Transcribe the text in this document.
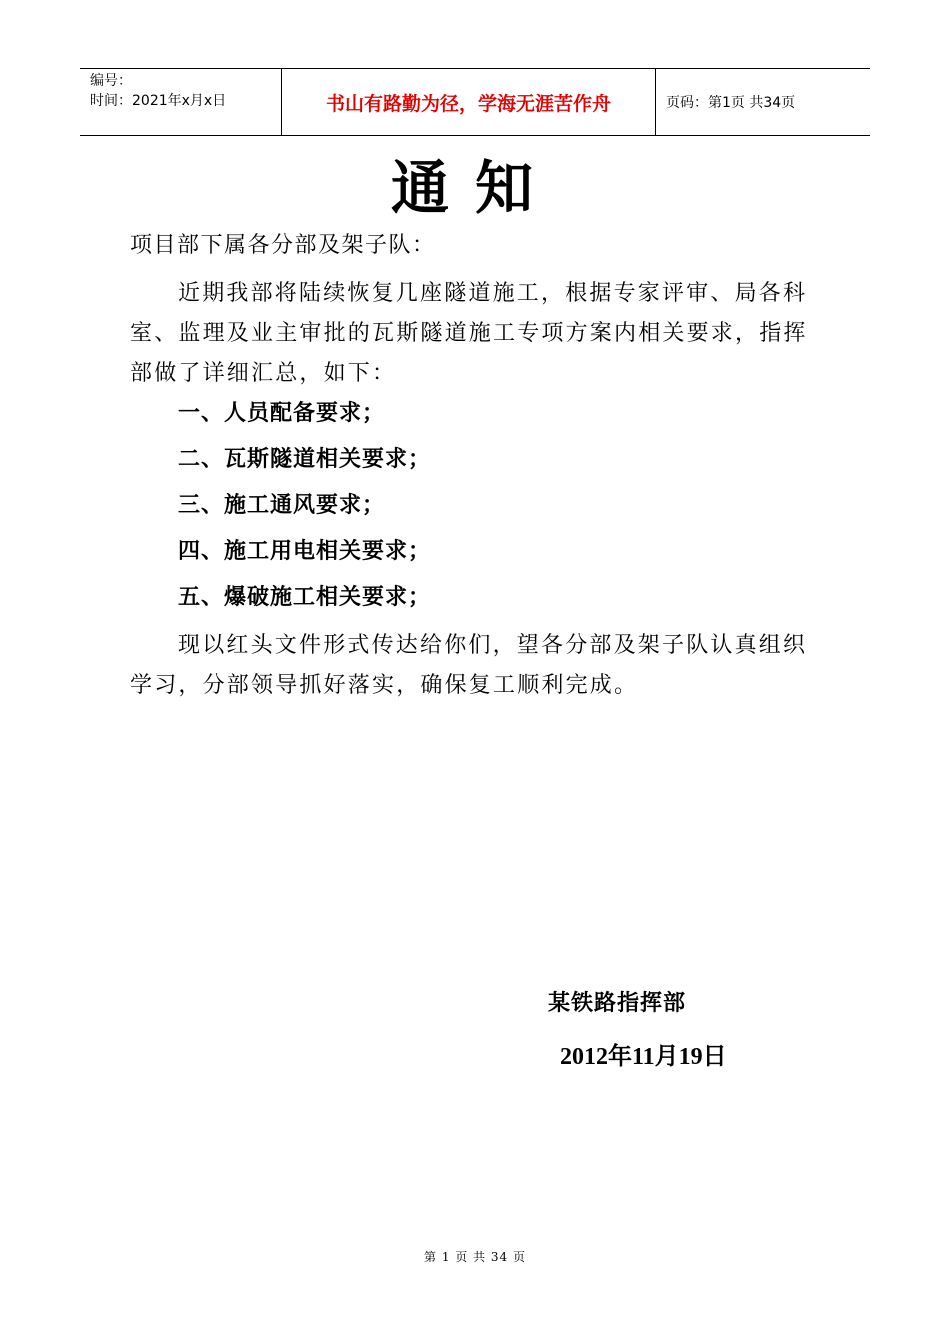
编号：
时间：2021年x月x日	书山有路勤为径，学海无涯苦作舟	页码：第1页 共34页
通知
项目部下属各分部及架子队：
近期我部将陆续恢复几座隧道施工，根据专家评审、局各科室、监理及业主审批的瓦斯隧道施工专项方案内相关要求，指挥部做了详细汇总，如下：
一、人员配备要求；
二、瓦斯隧道相关要求；
三、施工通风要求；
四、施工用电相关要求；
五、爆破施工相关要求；
现以红头文件形式传达给你们，望各分部及架子队认真组织学习，分部领导抓好落实，确保复工顺利完成。
某铁路指挥部
2012年11月19日
第 1 页 共 34 页
